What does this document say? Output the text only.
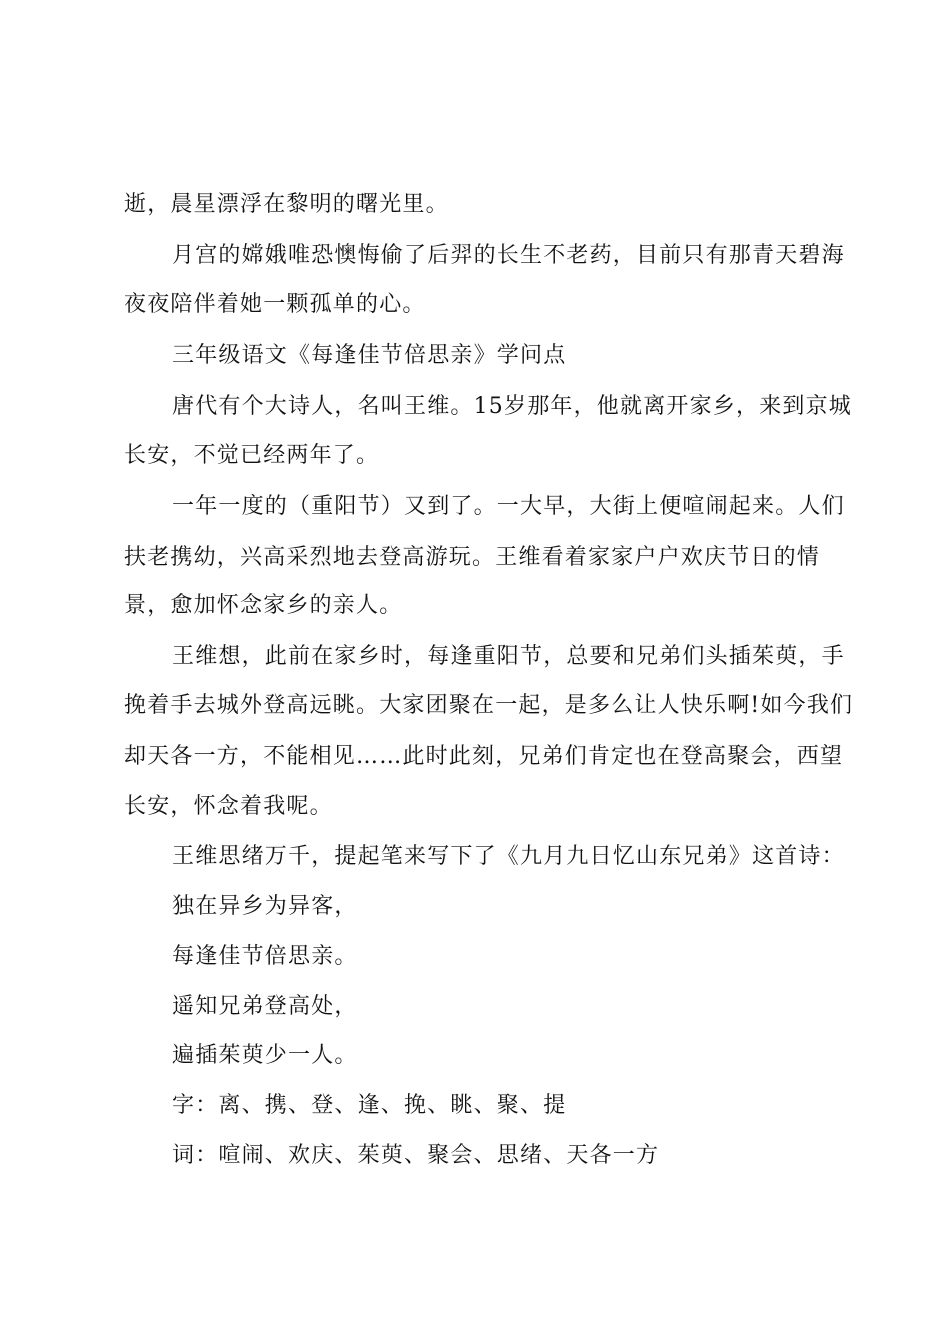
逝，晨星漂浮在黎明的曙光里。
月宫的嫦娥唯恐懊悔偷了后羿的长生不老药，目前只有那青天碧海
夜夜陪伴着她一颗孤单的心。
三年级语文《每逢佳节倍思亲》学问点
唐代有个大诗人，名叫王维。15岁那年，他就离开家乡，来到京城
长安，不觉已经两年了。
一年一度的（重阳节）又到了。一大早，大街上便喧闹起来。人们
扶老携幼，兴高采烈地去登高游玩。王维看着家家户户欢庆节日的情
景，愈加怀念家乡的亲人。
王维想，此前在家乡时，每逢重阳节，总要和兄弟们头插茱萸，手
挽着手去城外登高远眺。大家团聚在一起，是多么让人快乐啊!如今我们
却天各一方，不能相见……此时此刻，兄弟们肯定也在登高聚会，西望
长安，怀念着我呢。
王维思绪万千，提起笔来写下了《九月九日忆山东兄弟》这首诗：
独在异乡为异客，
每逢佳节倍思亲。
遥知兄弟登高处，
遍插茱萸少一人。
字：离、携、登、逢、挽、眺、聚、提
词：喧闹、欢庆、茱萸、聚会、思绪、天各一方
